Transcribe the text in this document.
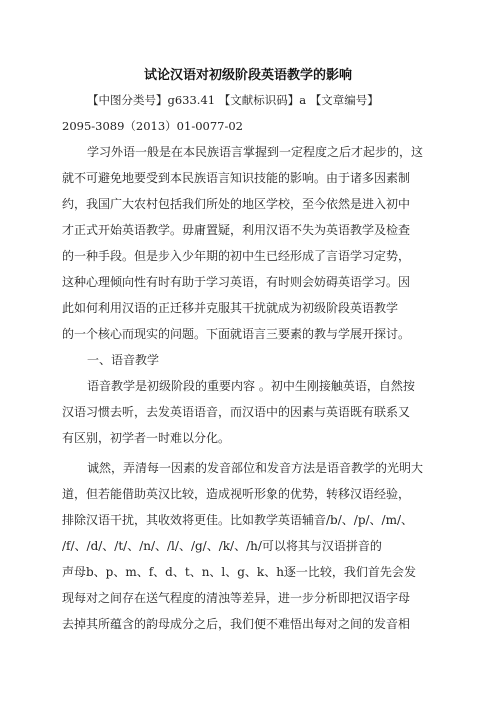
试论汉语对初级阶段英语教学的影响
【中图分类号】g633.41 【文献标识码】a 【文章编号】
2095-3089（2013）01-0077-02
学习外语一般是在本民族语言掌握到一定程度之后才起步的，这
就不可避免地要受到本民族语言知识技能的影响。由于诸多因素制
约，我国广大农村包括我们所处的地区学校，至今依然是进入初中
才正式开始英语教学。毋庸置疑，利用汉语不失为英语教学及检查
的一种手段。但是步入少年期的初中生已经形成了言语学习定势，
这种心理倾向性有时有助于学习英语，有时则会妨碍英语学习。因
此如何利用汉语的正迁移并克服其干扰就成为初级阶段英语教学
的一个核心而现实的问题。下面就语言三要素的教与学展开探讨。
一、语音教学
语音教学是初级阶段的重要内容 。初中生刚接触英语，自然按
汉语习惯去听，去发英语语音，而汉语中的因素与英语既有联系又
有区别，初学者一时难以分化。
诚然，弄清每一因素的发音部位和发音方法是语音教学的光明大
道，但若能借助英汉比较，造成视听形象的优势，转移汉语经验，
排除汉语干扰，其收效将更佳。比如教学英语辅音/b/、/p/、/m/、
/f/、/d/、/t/、/n/、/l/、/g/、/k/、/h/可以将其与汉语拼音的
声母b、p、m、f、d、t、n、l、g、k、h逐一比较，我们首先会发
现每对之间存在送气程度的清浊等差异，进一步分析即把汉语字母
去掉其所蕴含的韵母成分之后，我们便不难悟出每对之间的发音相
